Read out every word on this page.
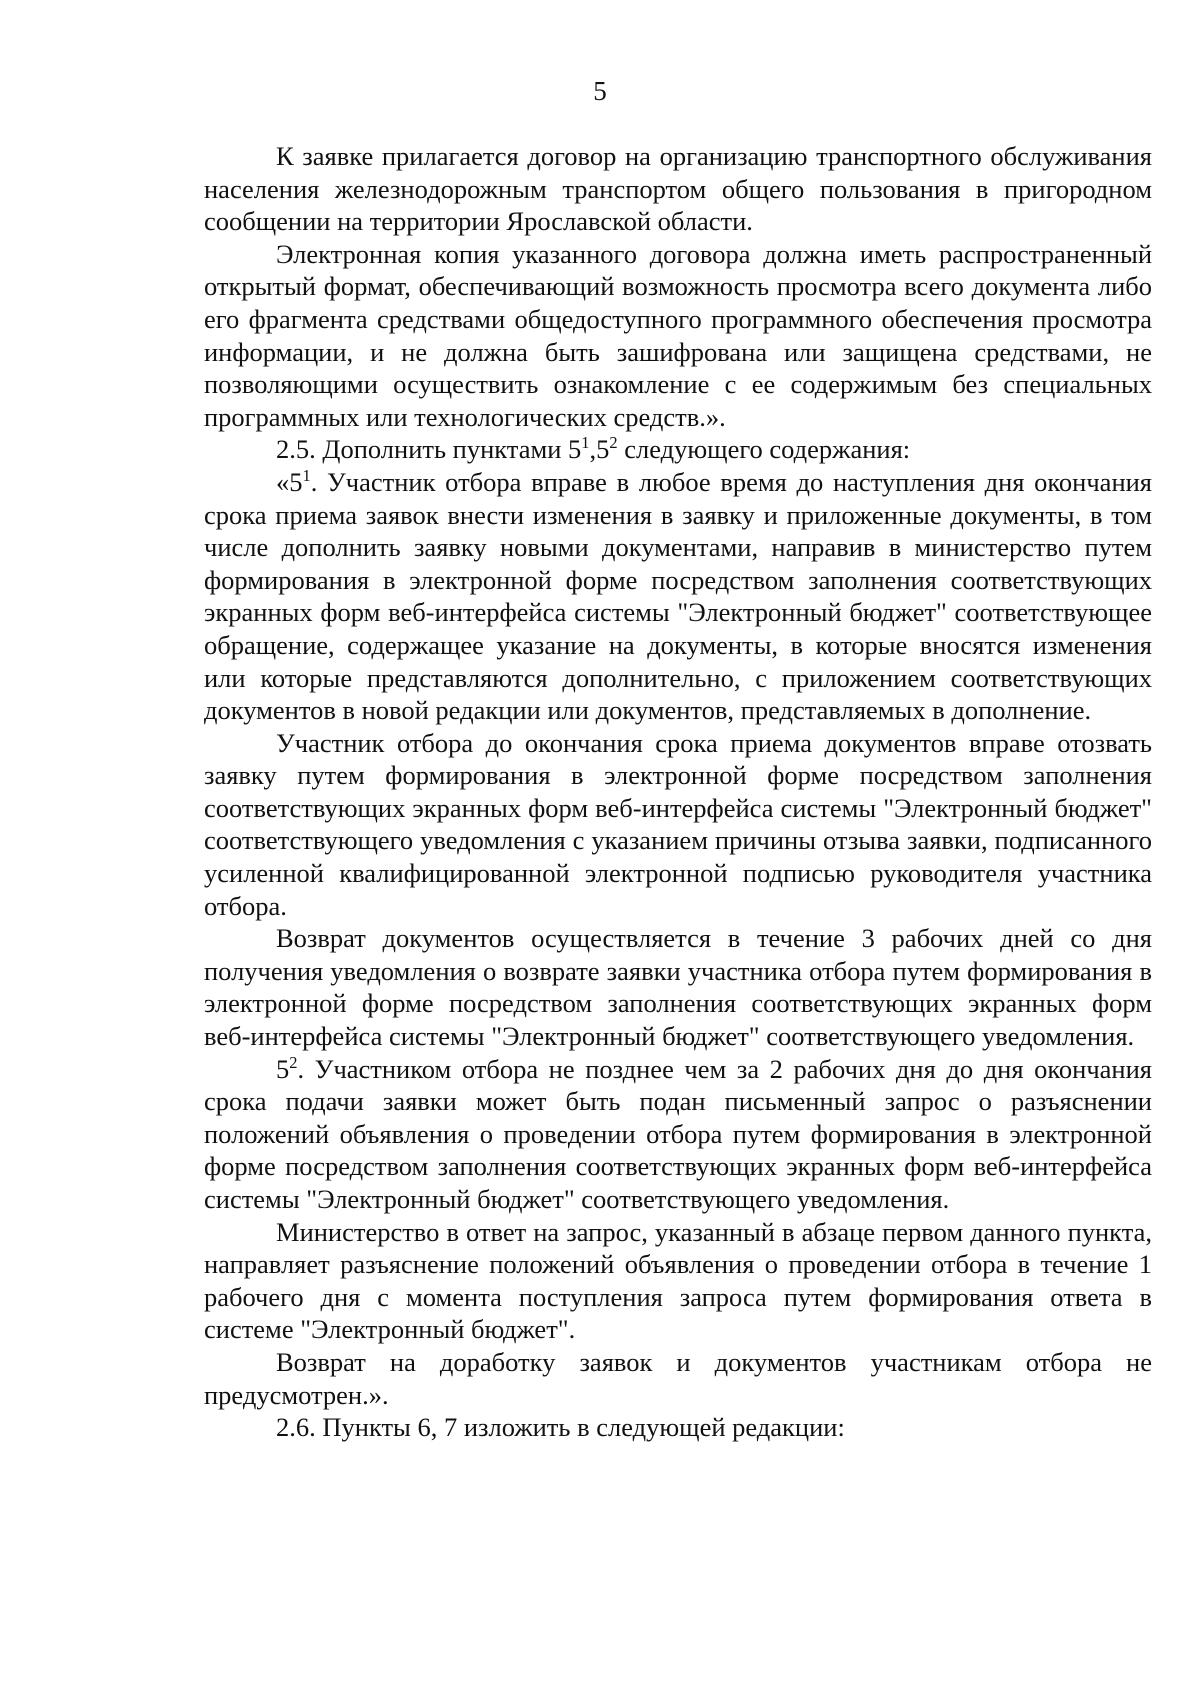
5

К заявке прилагается договор на организацию транспортного обслуживания населения железнодорожным транспортом общего пользования в пригородном сообщении на территории Ярославской области.

Электронная копия указанного договора должна иметь распространенный открытый формат, обеспечивающий возможность просмотра всего документа либо его фрагмента средствами общедоступного программного обеспечения просмотра информации, и не должна быть зашифрована или защищена средствами, не позволяющими осуществить ознакомление с ее содержимым без специальных программных или технологических средств.».

2.5. Дополнить пунктами $5^1,5^2$ следующего содержания:

«$5^1$. Участник отбора вправе в любое время до наступления дня окончания срока приема заявок внести изменения в заявку и приложенные документы, в том числе дополнить заявку новыми документами, направив в министерство путем формирования в электронной форме посредством заполнения соответствующих экранных форм веб-интерфейса системы "Электронный бюджет" соответствующее обращение, содержащее указание на документы, в которые вносятся изменения или которые представляются дополнительно, с приложением соответствующих документов в новой редакции или документов, представляемых в дополнение.

Участник отбора до окончания срока приема документов вправе отозвать заявку путем формирования в электронной форме посредством заполнения соответствующих экранных форм веб-интерфейса системы "Электронный бюджет" соответствующего уведомления с указанием причины отзыва заявки, подписанного усиленной квалифицированной электронной подписью руководителя участника отбора.

Возврат документов осуществляется в течение 3 рабочих дней со дня получения уведомления о возврате заявки участника отбора путем формирования в электронной форме посредством заполнения соответствующих экранных форм веб-интерфейса системы "Электронный бюджет" соответствующего уведомления.

$5^2$. Участником отбора не позднее чем за 2 рабочих дня до дня окончания срока подачи заявки может быть подан письменный запрос о разъяснении положений объявления о проведении отбора путем формирования в электронной форме посредством заполнения соответствующих экранных форм веб-интерфейса системы "Электронный бюджет" соответствующего уведомления.

Министерство в ответ на запрос, указанный в абзаце первом данного пункта, направляет разъяснение положений объявления о проведении отбора в течение 1 рабочего дня с момента поступления запроса путем формирования ответа в системе "Электронный бюджет".

Возврат на доработку заявок и документов участникам отбора не предусмотрен.».

2.6. Пункты 6, 7 изложить в следующей редакции:
